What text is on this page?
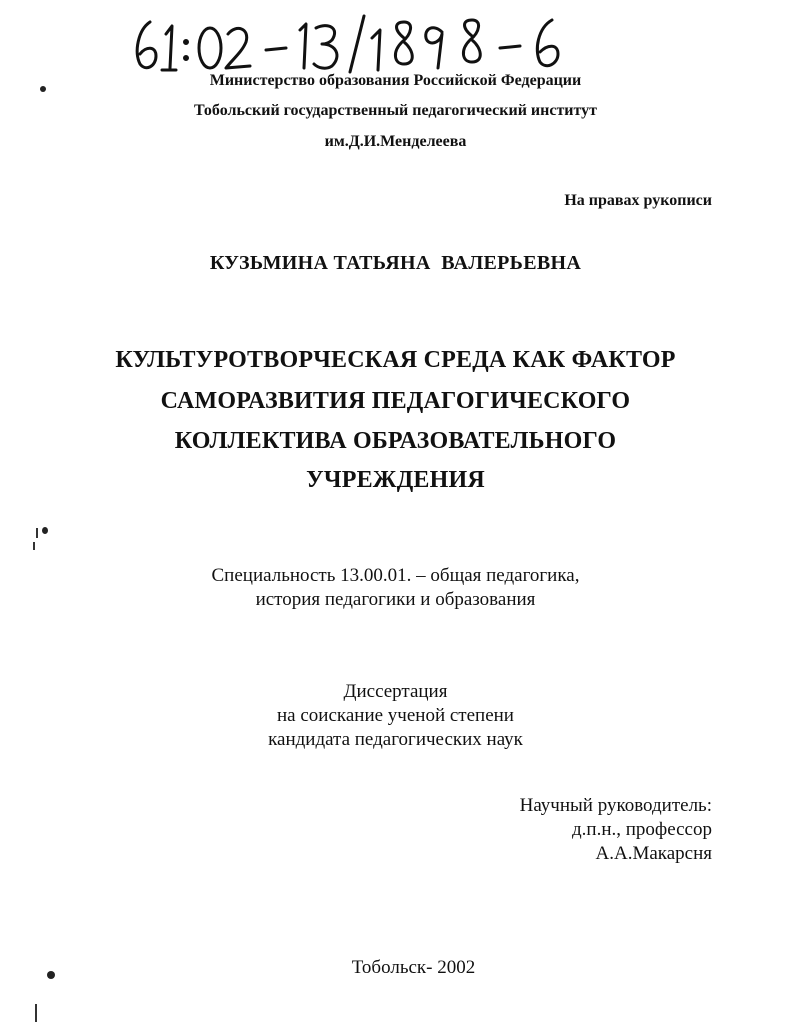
Министерство образования Российской Федерации
Тобольский государственный педагогический институт
им.Д.И.Менделеева
На правах рукописи
КУЗЬМИНА ТАТЬЯНА  ВАЛЕРЬЕВНА
КУЛЬТУРОТВОРЧЕСКАЯ СРЕДА КАК ФАКТОР
САМОРАЗВИТИЯ ПЕДАГОГИЧЕСКОГО
КОЛЛЕКТИВА ОБРАЗОВАТЕЛЬНОГО
УЧРЕЖДЕНИЯ
Специальность 13.00.01. – общая педагогика,
история педагогики и образования
Диссертация
на соискание ученой степени
кандидата педагогических наук
Научный руководитель:
д.п.н., профессор
А.А.Макарсня
Тобольск- 2002
